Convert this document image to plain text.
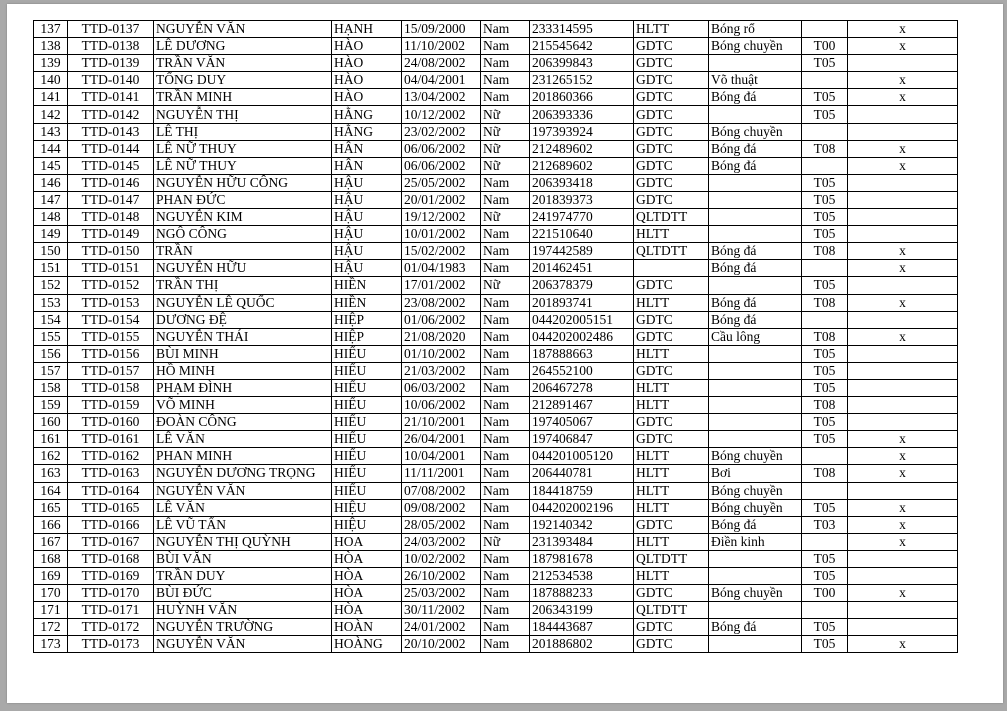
137	TTD-0137	NGUYỄN VĂN	HẠNH	15/09/2000	Nam	233314595	HLTT	Bóng rổ		x
138	TTD-0138	LÊ DƯƠNG	HÀO	11/10/2002	Nam	215545642	GDTC	Bóng chuyền	T00	x
139	TTD-0139	TRẦN VĂN	HÀO	24/08/2002	Nam	206399843	GDTC		T05	
140	TTD-0140	TỐNG DUY	HÀO	04/04/2001	Nam	231265152	GDTC	Võ thuật		x
141	TTD-0141	TRẦN MINH	HÀO	13/04/2002	Nam	201860366	GDTC	Bóng đá	T05	x
142	TTD-0142	NGUYỄN THỊ	HẰNG	10/12/2002	Nữ	206393336	GDTC		T05	
143	TTD-0143	LÊ THỊ	HẰNG	23/02/2002	Nữ	197393924	GDTC	Bóng chuyền		
144	TTD-0144	LÊ NỮ THUY	HÂN	06/06/2002	Nữ	212489602	GDTC	Bóng đá	T08	x
145	TTD-0145	LÊ NỮ THUY	HÂN	06/06/2002	Nữ	212689602	GDTC	Bóng đá		x
146	TTD-0146	NGUYỄN HỮU CÔNG	HẬU	25/05/2002	Nam	206393418	GDTC		T05	
147	TTD-0147	PHAN ĐỨC	HẬU	20/01/2002	Nam	201839373	GDTC		T05	
148	TTD-0148	NGUYỄN KIM	HẬU	19/12/2002	Nữ	241974770	QLTDTT		T05	
149	TTD-0149	NGÔ CÔNG	HẬU	10/01/2002	Nam	221510640	HLTT		T05	
150	TTD-0150	TRẦN	HẬU	15/02/2002	Nam	197442589	QLTDTT	Bóng đá	T08	x
151	TTD-0151	NGUYỄN HỮU	HẬU	01/04/1983	Nam	201462451		Bóng đá		x
152	TTD-0152	TRẦN THỊ	HIỀN	17/01/2002	Nữ	206378379	GDTC		T05	
153	TTD-0153	NGUYỄN LÊ QUỐC	HIỀN	23/08/2002	Nam	201893741	HLTT	Bóng đá	T08	x
154	TTD-0154	DƯƠNG ĐỆ	HIỆP	01/06/2002	Nam	044202005151	GDTC	Bóng đá		
155	TTD-0155	NGUYỄN THÁI	HIỆP	21/08/2020	Nam	044202002486	GDTC	Cầu lông	T08	x
156	TTD-0156	BÙI MINH	HIẾU	01/10/2002	Nam	187888663	HLTT		T05	
157	TTD-0157	HỒ MINH	HIẾU	21/03/2002	Nam	264552100	GDTC		T05	
158	TTD-0158	PHẠM ĐÌNH	HIẾU	06/03/2002	Nam	206467278	HLTT		T05	
159	TTD-0159	VÕ MINH	HIẾU	10/06/2002	Nam	212891467	HLTT		T08	
160	TTD-0160	ĐOÀN CÔNG	HIẾU	21/10/2001	Nam	197405067	GDTC		T05	
161	TTD-0161	LÊ VĂN	HIẾU	26/04/2001	Nam	197406847	GDTC		T05	x
162	TTD-0162	PHAN MINH	HIẾU	10/04/2001	Nam	044201005120	HLTT	Bóng chuyền		x
163	TTD-0163	NGUYỄN DƯƠNG TRỌNG	HIẾU	11/11/2001	Nam	206440781	HLTT	Bơi	T08	x
164	TTD-0164	NGUYỄN VĂN	HIẾU	07/08/2002	Nam	184418759	HLTT	Bóng chuyền		
165	TTD-0165	LÊ VĂN	HIỆU	09/08/2002	Nam	044202002196	HLTT	Bóng chuyền	T05	x
166	TTD-0166	LÊ VŨ TẤN	HIỆU	28/05/2002	Nam	192140342	GDTC	Bóng đá	T03	x
167	TTD-0167	NGUYỄN THỊ QUỲNH	HOA	24/03/2002	Nữ	231393484	HLTT	Điền kinh		x
168	TTD-0168	BÙI VĂN	HÒA	10/02/2002	Nam	187981678	QLTDTT		T05	
169	TTD-0169	TRẦN DUY	HÒA	26/10/2002	Nam	212534538	HLTT		T05	
170	TTD-0170	BÙI ĐỨC	HÒA	25/03/2002	Nam	187888233	GDTC	Bóng chuyền	T00	x
171	TTD-0171	HUỲNH VĂN	HÒA	30/11/2002	Nam	206343199	QLTDTT			
172	TTD-0172	NGUYỄN TRƯỜNG	HOÀN	24/01/2002	Nam	184443687	GDTC	Bóng đá	T05	
173	TTD-0173	NGUYỄN VĂN	HOÀNG	20/10/2002	Nam	201886802	GDTC		T05	x
